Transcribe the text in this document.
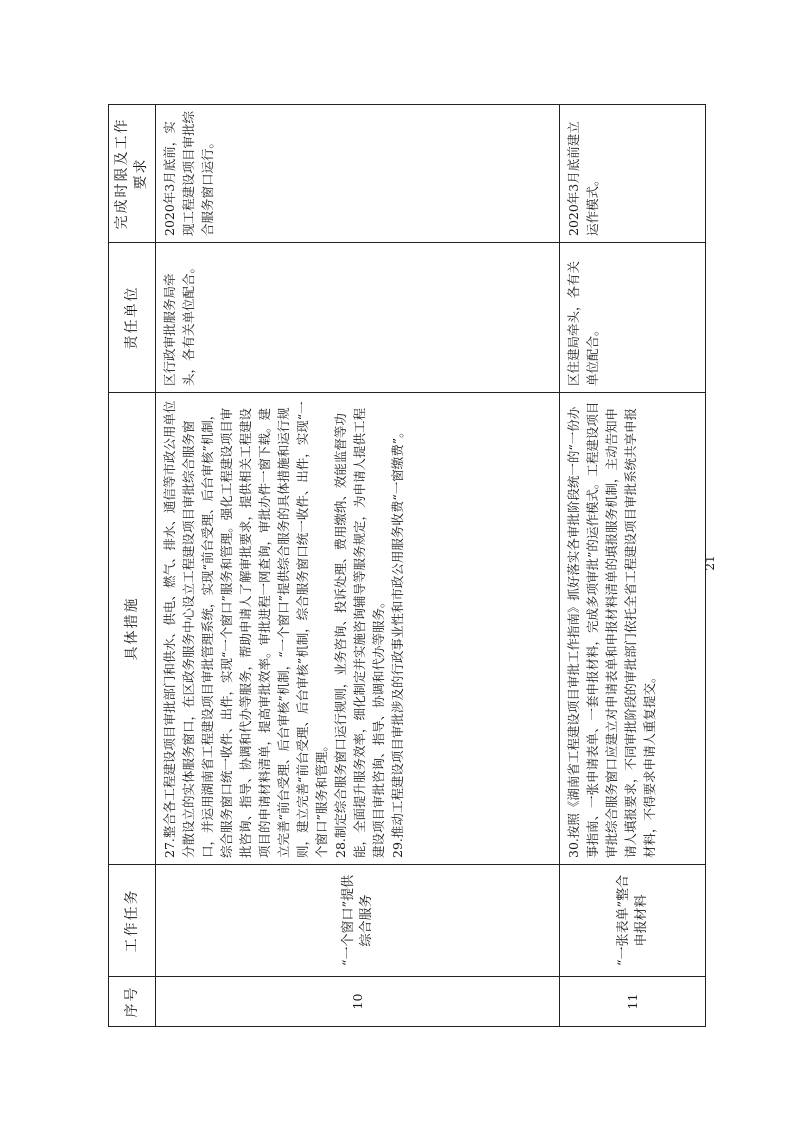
序号	工作任务	具体措施	责任单位	完成时限及工作要求
10	“一个窗口”提供综合服务	27.整合各工程建设项目审批部门和供水、供电、燃气、排水、通信等市政公用单位分散设立的实体服务窗口，在区政务服务中心设立工程建设项目审批综合服务窗口，并运用湖南省工程建设项目审批管理系统，实现“前台受理、后台审核”机制，综合服务窗口统一收件、出件，实现“一个窗口”服务和管理。强化工程建设项目审批咨询、指导、协调和代办等服务，帮助申请人了解审批要求，提供相关工程建设项目的申请材料清单，提高审批效率。审批进程一网查询，审批办件一窗下载。建立完善“前台受理、后台审核”机制，“一个窗口”提供综合服务的具体措施和运行规则，建立完善“前台受理、后台审核”机制，综合服务窗口统一收件、出件，实现“一个窗口”服务和管理。 28.制定综合服务窗口运行规则，业务咨询、投诉处理、费用缴纳、效能监督等功能，全面提升服务效率，细化制定并实施咨询辅导等服务规定，为申请人提供工程建设项目审批咨询、指导、协调和代办等服务。 29.推动工程建设项目审批涉及的行政事业性和市政公用服务收费“一窗缴费”。	区行政审批服务局牵头，各有关单位配合。	2020年3月底前，实现工程建设项目审批综合服务窗口运行。
11	“一张表单”整合申报材料	30.按照《湖南省工程建设项目审批工作指南》抓好落实各审批阶段统一的“一份办事指南、一张申请表单、一套申报材料，完成多项审批”的运作模式。工程建设项目审批综合服务窗口应建立对申请表单和申报材料清单的填报服务机制，主动告知申请人填报要求，不同审批阶段的审批部门依托全省工程建设项目审批系统共享申报材料，不得要求申请人重复提交。	区住建局牵头，各有关单位配合。	2020年3月底前建立运作模式。
21
